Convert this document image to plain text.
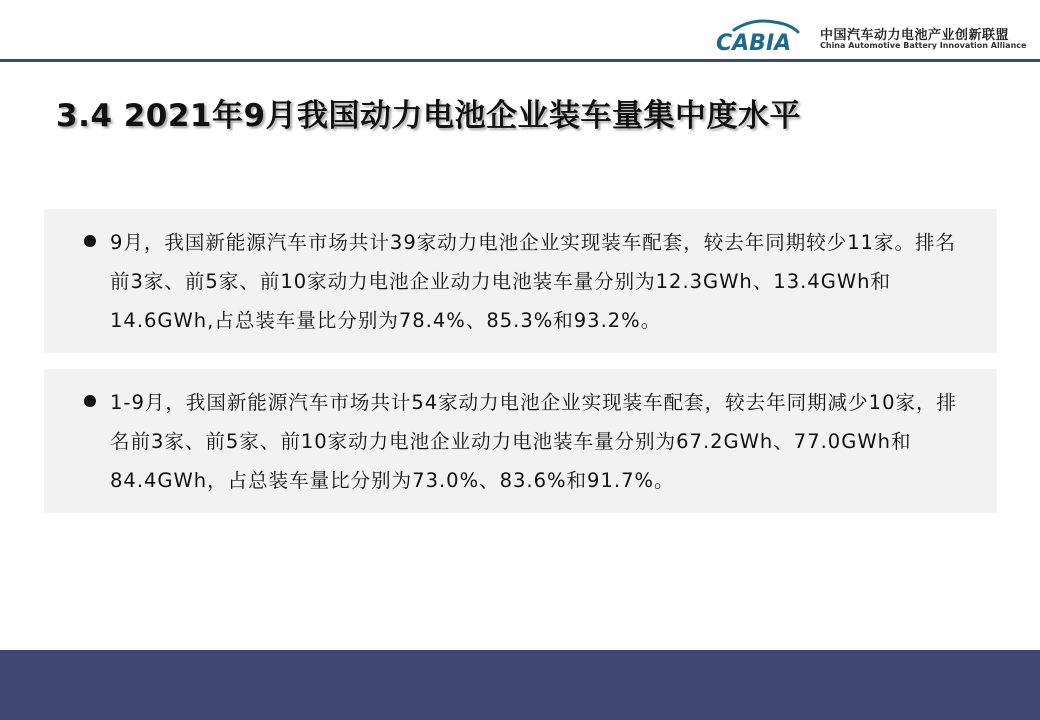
CABIA 中国汽车动力电池产业创新联盟
China Automotive Battery Innovation Alliance
3.4 2021年9月我国动力电池企业装车量集中度水平
9月，我国新能源汽车市场共计39家动力电池企业实现装车配套，较去年同期较少11家。排名前3家、前5家、前10家动力电池企业动力电池装车量分别为12.3GWh、13.4GWh和14.6GWh,占总装车量比分别为78.4%、85.3%和93.2%。
1-9月，我国新能源汽车市场共计54家动力电池企业实现装车配套，较去年同期减少10家，排名前3家、前5家、前10家动力电池企业动力电池装车量分别为67.2GWh、77.0GWh和84.4GWh，占总装车量比分别为73.0%、83.6%和91.7%。
